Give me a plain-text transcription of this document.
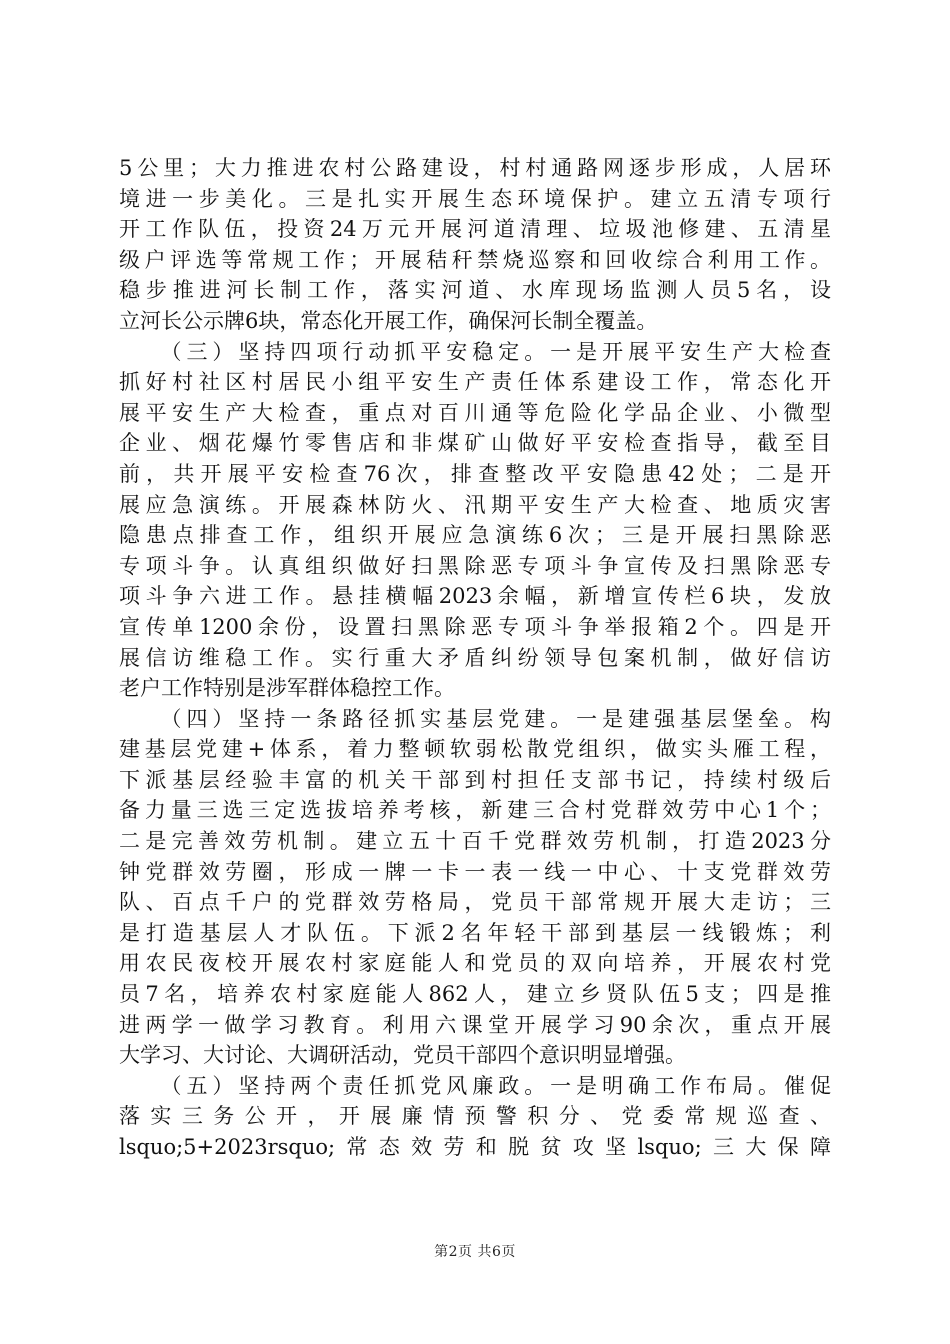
5公里；大力推进农村公路建设，村村通路网逐步形成，人居环
境进一步美化。三是扎实开展生态环境保护。建立五清专项行
开工作队伍，投资24万元开展河道清理、垃圾池修建、五清星
级户评选等常规工作；开展秸秆禁烧巡察和回收综合利用工作。
稳步推进河长制工作，落实河道、水库现场监测人员5名，设
立河长公示牌6块，常态化开展工作，确保河长制全覆盖。
　　（三）坚持四项行动抓平安稳定。一是开展平安生产大检查
抓好村社区村居民小组平安生产责任体系建设工作，常态化开
展平安生产大检查，重点对百川通等危险化学品企业、小微型
企业、烟花爆竹零售店和非煤矿山做好平安检查指导，截至目
前，共开展平安检查76次，排查整改平安隐患42处；二是开
展应急演练。开展森林防火、汛期平安生产大检查、地质灾害
隐患点排查工作，组织开展应急演练6次；三是开展扫黑除恶
专项斗争。认真组织做好扫黑除恶专项斗争宣传及扫黑除恶专
项斗争六进工作。悬挂横幅2023余幅，新增宣传栏6块，发放
宣传单1200余份，设置扫黑除恶专项斗争举报箱2个。四是开
展信访维稳工作。实行重大矛盾纠纷领导包案机制，做好信访
老户工作特别是涉军群体稳控工作。
　　（四）坚持一条路径抓实基层党建。一是建强基层堡垒。构
建基层党建+体系，着力整顿软弱松散党组织，做实头雁工程，
下派基层经验丰富的机关干部到村担任支部书记，持续村级后
备力量三选三定选拔培养考核，新建三合村党群效劳中心1个；
二是完善效劳机制。建立五十百千党群效劳机制，打造2023分
钟党群效劳圈，形成一牌一卡一表一线一中心、十支党群效劳
队、百点千户的党群效劳格局，党员干部常规开展大走访；三
是打造基层人才队伍。下派2名年轻干部到基层一线锻炼；利
用农民夜校开展农村家庭能人和党员的双向培养，开展农村党
员7名，培养农村家庭能人862人，建立乡贤队伍5支；四是推
进两学一做学习教育。利用六课堂开展学习90余次，重点开展
大学习、大讨论、大调研活动，党员干部四个意识明显增强。
　　（五）坚持两个责任抓党风廉政。一是明确工作布局。催促
落实三务公开，开展廉情预警积分、党委常规巡查、
lsquo;5+2023rsquo;常态效劳和脱贫攻坚lsquo;三大保障
第2页 共6页
